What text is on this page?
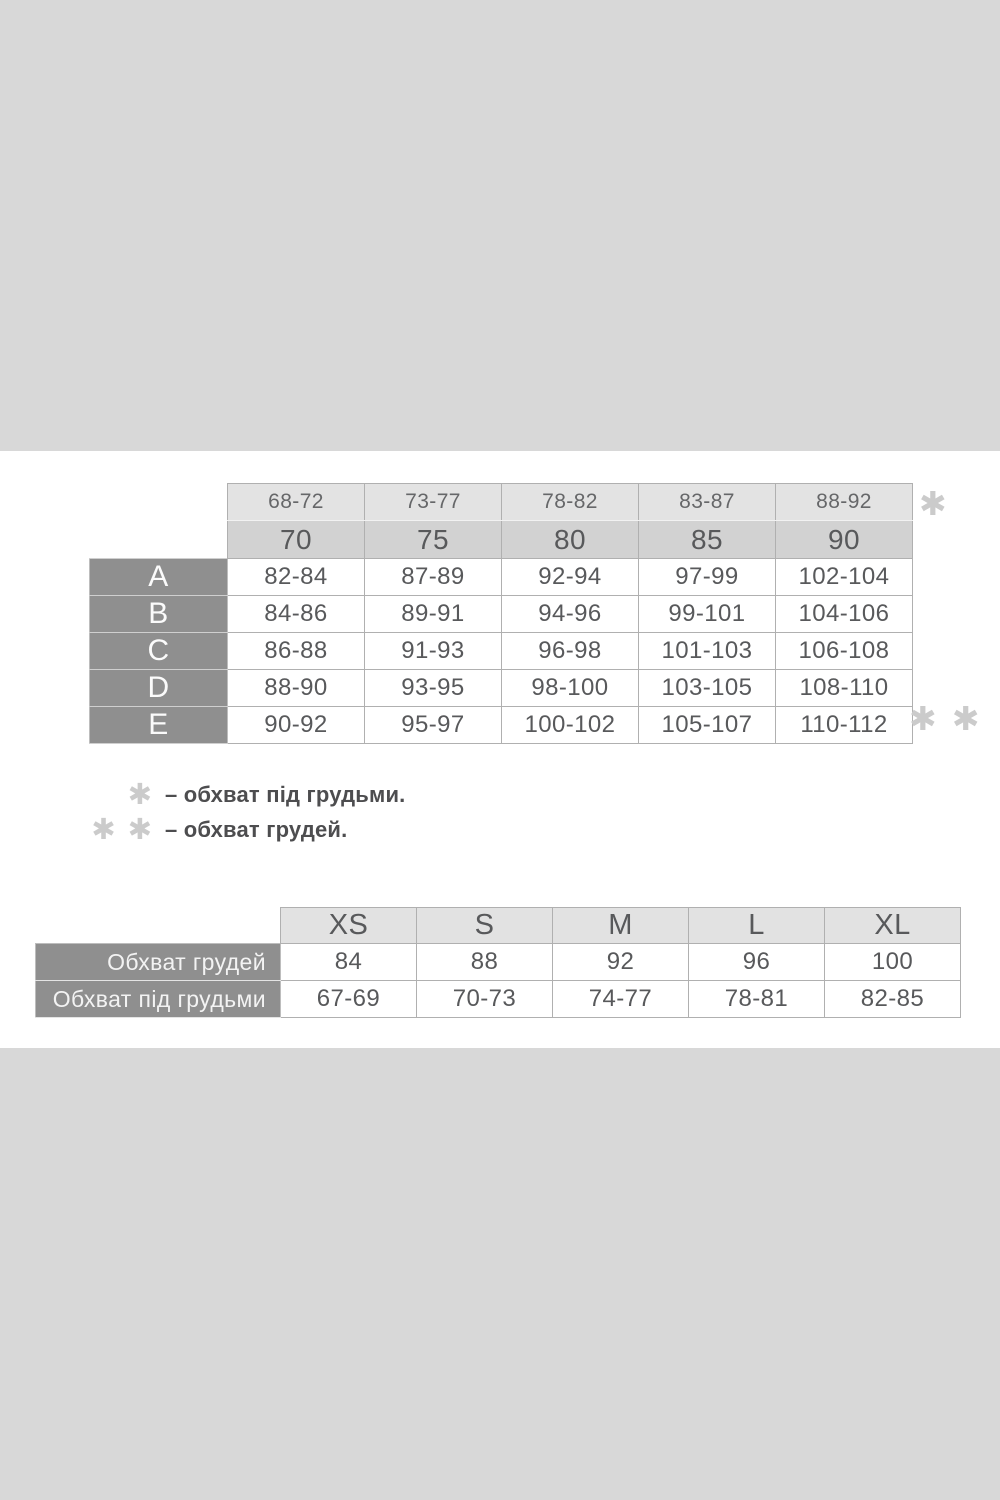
	68-72	73-77	78-82	83-87	88-92
	70	75	80	85	90
A	82-84	87-89	92-94	97-99	102-104
B	84-86	89-91	94-96	99-101	104-106
C	86-88	91-93	96-98	101-103	106-108
D	88-90	93-95	98-100	103-105	108-110
E	90-92	95-97	100-102	105-107	110-112
✱
✱ ✱
✱ – обхват під грудьми.
✱ ✱ – обхват грудей.
	XS	S	M	L	XL
Обхват грудей	84	88	92	96	100
Обхват під грудьми	67-69	70-73	74-77	78-81	82-85
